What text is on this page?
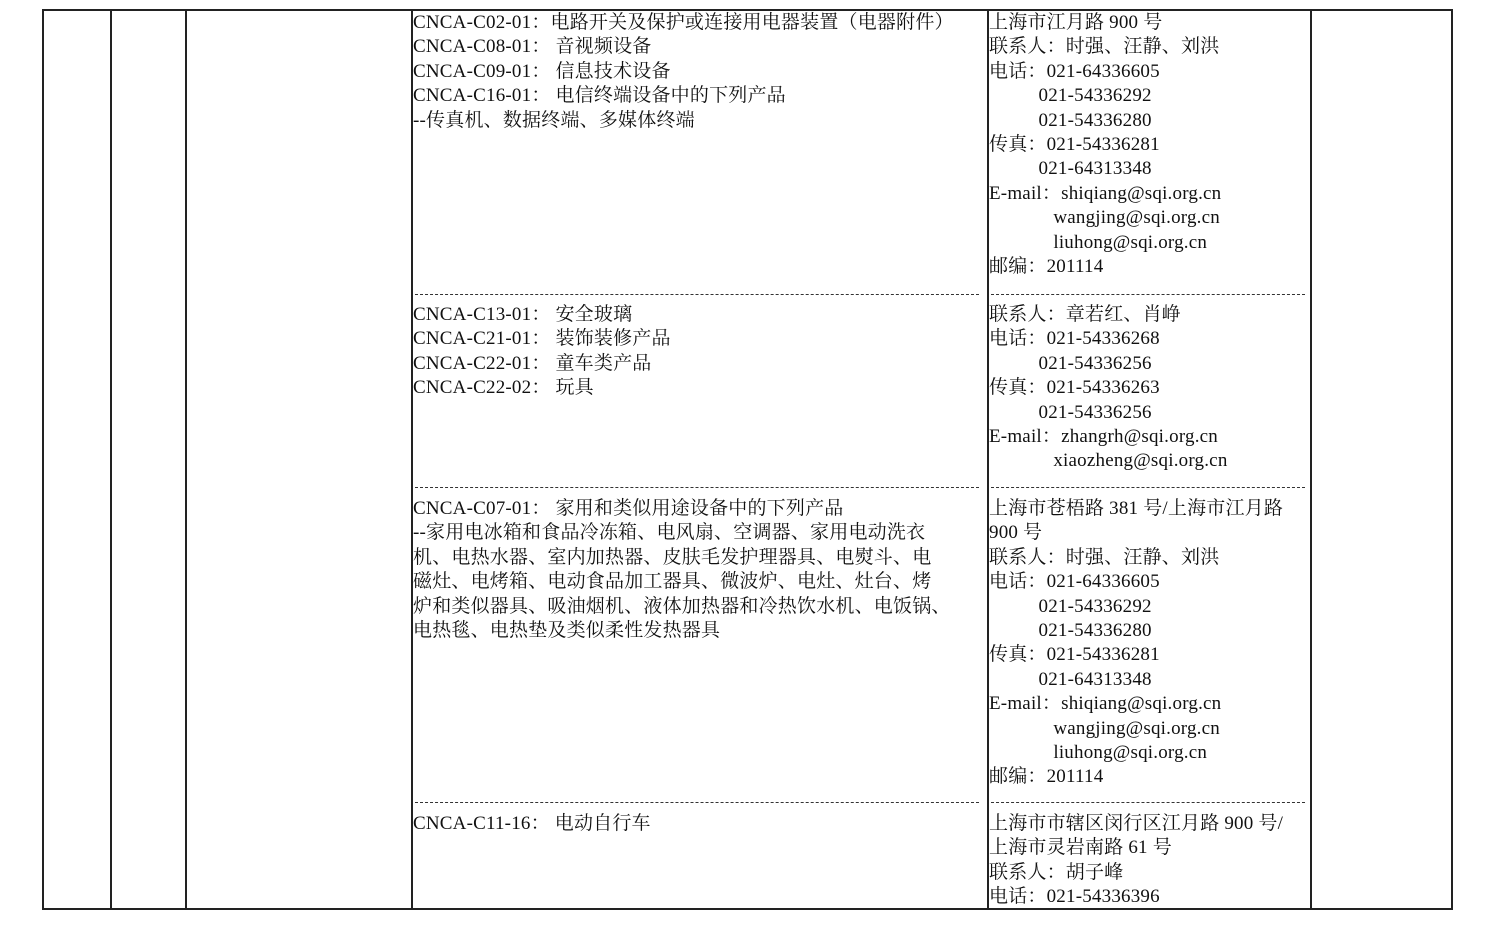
CNCA-C02-01：电路开关及保护或连接用电器装置（电器附件）
CNCA-C08-01： 音视频设备
CNCA-C09-01： 信息技术设备
CNCA-C16-01： 电信终端设备中的下列产品
--传真机、数据终端、多媒体终端
CNCA-C13-01： 安全玻璃
CNCA-C21-01： 装饰装修产品
CNCA-C22-01： 童车类产品
CNCA-C22-02： 玩具
CNCA-C07-01： 家用和类似用途设备中的下列产品
--家用电冰箱和食品冷冻箱、电风扇、空调器、家用电动洗衣
机、电热水器、室内加热器、皮肤毛发护理器具、电熨斗、电
磁灶、电烤箱、电动食品加工器具、微波炉、电灶、灶台、烤
炉和类似器具、吸油烟机、液体加热器和冷热饮水机、电饭锅、
电热毯、电热垫及类似柔性发热器具
CNCA-C11-16： 电动自行车
上海市江月路 900 号
联系人：时强、汪静、刘洪
电话：021-64336605
021-54336292
021-54336280
传真：021-54336281
021-64313348
E-mail：shiqiang@sqi.org.cn
wangjing@sqi.org.cn
liuhong@sqi.org.cn
邮编：201114
联系人：章若红、肖峥
电话：021-54336268
021-54336256
传真：021-54336263
021-54336256
E-mail：zhangrh@sqi.org.cn
xiaozheng@sqi.org.cn
上海市苍梧路 381 号/上海市江月路
900 号
联系人：时强、汪静、刘洪
电话：021-64336605
021-54336292
021-54336280
传真：021-54336281
021-64313348
E-mail：shiqiang@sqi.org.cn
wangjing@sqi.org.cn
liuhong@sqi.org.cn
邮编：201114
上海市市辖区闵行区江月路 900 号/
上海市灵岩南路 61 号
联系人：胡子峰
电话：021-54336396
